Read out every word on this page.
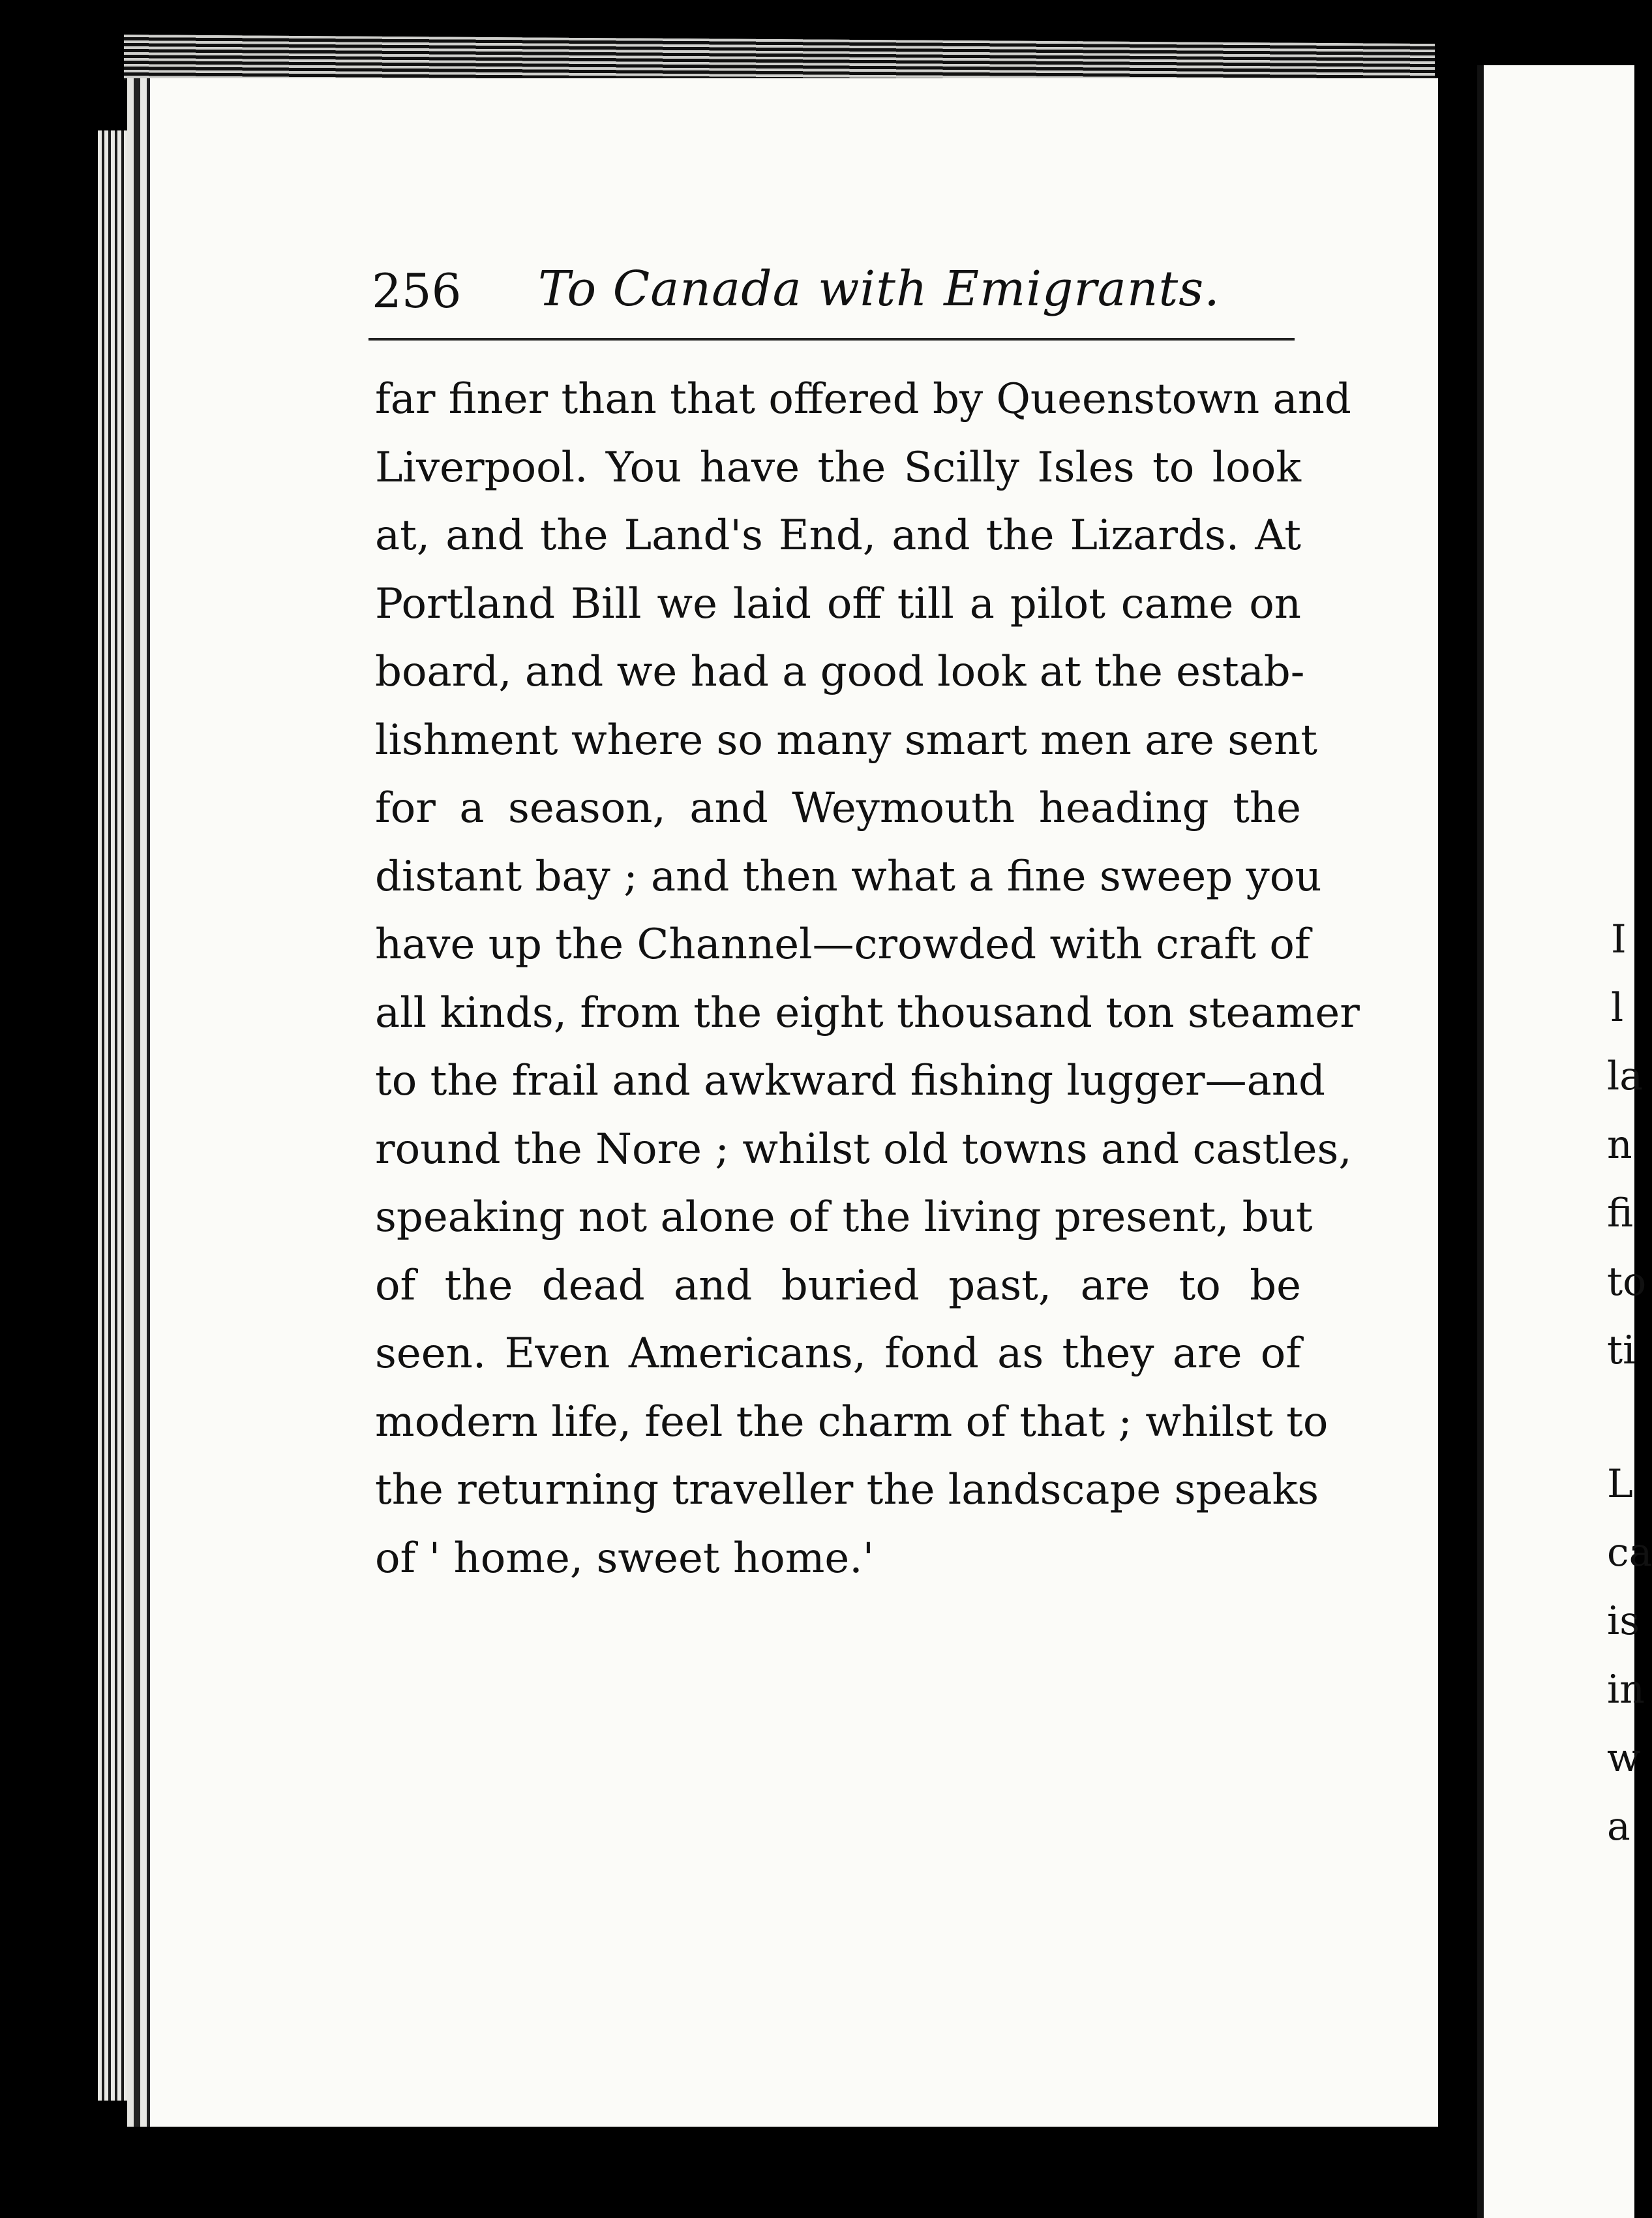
256 To Canada with Emigrants.
far finer than that offered by Queenstown and
Liverpool. You have the Scilly Isles to look
at, and the Land's End, and the Lizards. At
Portland Bill we laid off till a pilot came on
board, and we had a good look at the estab-
lishment where so many smart men are sent
for a season, and Weymouth heading the
distant bay ; and then what a fine sweep you
have up the Channel—crowded with craft of
all kinds, from the eight thousand ton steamer
to the frail and awkward fishing lugger—and
round the Nore ; whilst old towns and castles,
speaking not alone of the living present, but
of the dead and buried past, are to be
seen. Even Americans, fond as they are of
modern life, feel the charm of that ; whilst to
the returning traveller the landscape speaks
of ' home, sweet home.'
I
l
la
n
fi
to
ti
L
ca
is
in
w
a
